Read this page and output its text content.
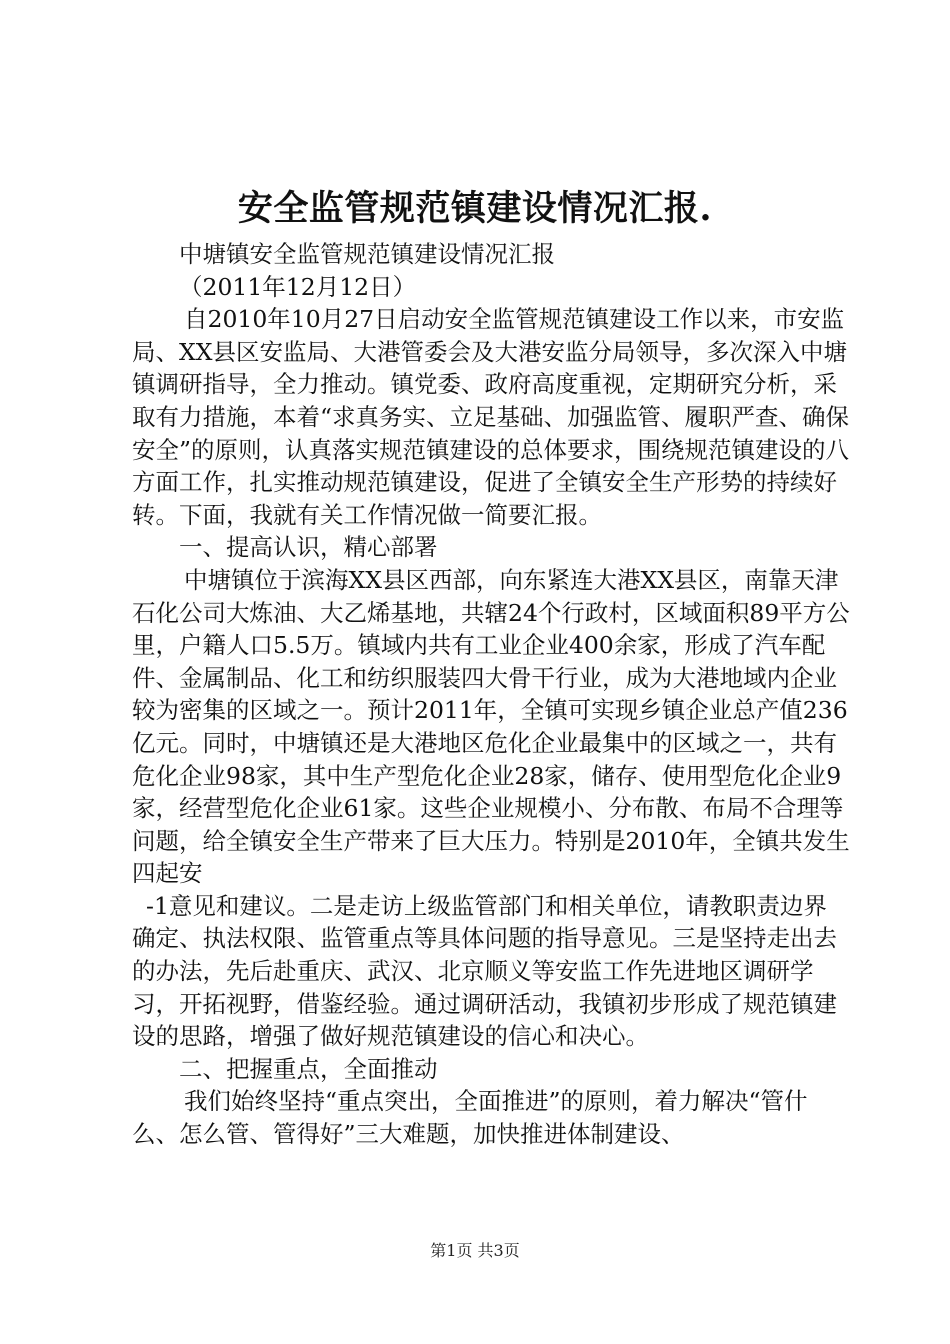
安全监管规范镇建设情况汇报.

中塘镇安全监管规范镇建设情况汇报

（2011年12月12日）

自2010年10月27日启动安全监管规范镇建设工作以来，市安监局、XX县区安监局、大港管委会及大港安监分局领导，多次深入中塘镇调研指导，全力推动。镇党委、政府高度重视，定期研究分析，采取有力措施，本着“求真务实、立足基础、加强监管、履职严查、确保安全”的原则，认真落实规范镇建设的总体要求，围绕规范镇建设的八方面工作，扎实推动规范镇建设，促进了全镇安全生产形势的持续好转。下面，我就有关工作情况做一简要汇报。

一、提高认识，精心部署

中塘镇位于滨海XX县区西部，向东紧连大港XX县区，南靠天津石化公司大炼油、大乙烯基地，共辖24个行政村，区域面积89平方公里，户籍人口5.5万。镇域内共有工业企业400余家，形成了汽车配件、金属制品、化工和纺织服装四大骨干行业，成为大港地域内企业较为密集的区域之一。预计2011年，全镇可实现乡镇企业总产值236亿元。同时，中塘镇还是大港地区危化企业最集中的区域之一，共有危化企业98家，其中生产型危化企业28家，储存、使用型危化企业9家，经营型危化企业61家。这些企业规模小、分布散、布局不合理等问题，给全镇安全生产带来了巨大压力。特别是2010年，全镇共发生四起安

-1意见和建议。二是走访上级监管部门和相关单位，请教职责边界确定、执法权限、监管重点等具体问题的指导意见。三是坚持走出去的办法，先后赴重庆、武汉、北京顺义等安监工作先进地区调研学习，开拓视野，借鉴经验。通过调研活动，我镇初步形成了规范镇建设的思路，增强了做好规范镇建设的信心和决心。

二、把握重点，全面推动

我们始终坚持“重点突出，全面推进”的原则，着力解决“管什么、怎么管、管得好”三大难题，加快推进体制建设、

第1页 共3页
